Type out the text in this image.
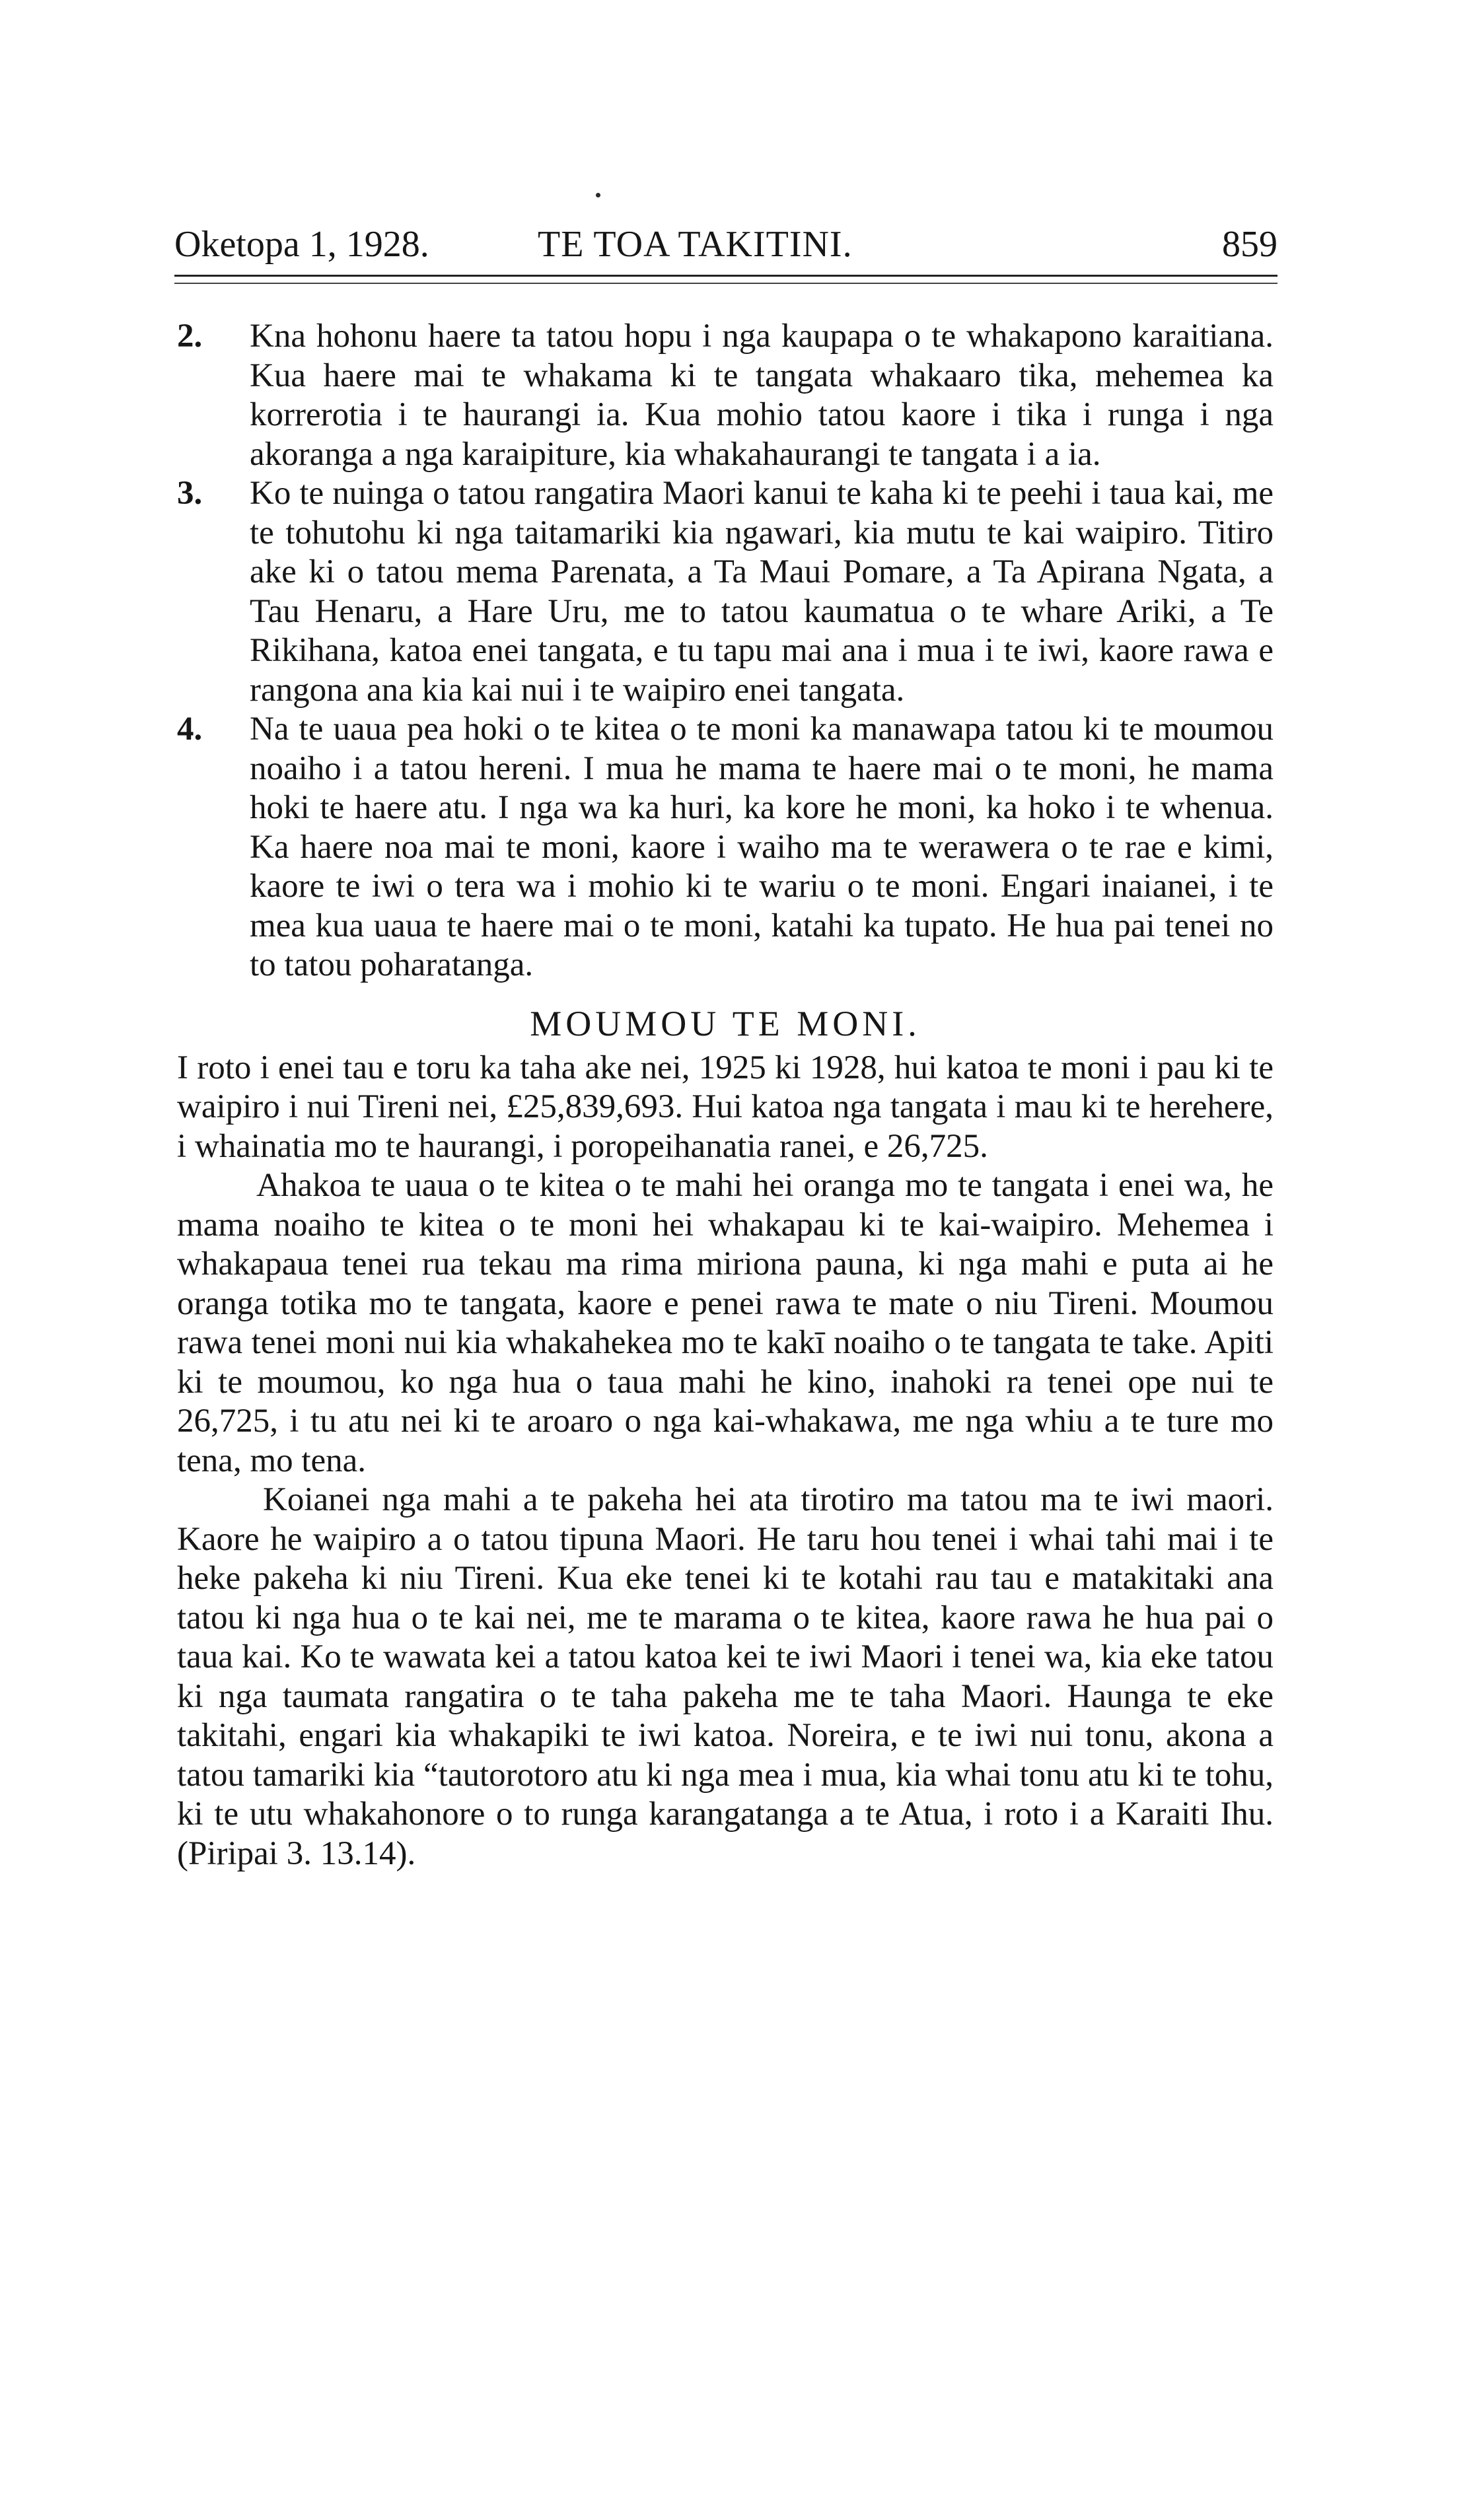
Oketopa 1, 1928.	TE TOA TAKITINI.	859
2. Kna hohonu haere ta tatou hopu i nga kaupapa o te whakapono karaitiana. Kua haere mai te whakama ki te tangata whakaaro tika, mehemea ka korrerotia i te haurangi ia. Kua mohio tatou kaore i tika i runga i nga akoranga a nga karaipiture, kia whakahaurangi te tangata i a ia.
3. Ko te nuinga o tatou rangatira Maori kanui te kaha ki te peehi i taua kai, me te tohutohu ki nga taitamariki kia ngawari, kia mutu te kai waipiro. Titiro ake ki o tatou mema Parenata, a Ta Maui Pomare, a Ta Apirana Ngata, a Tau Henaru, a Hare Uru, me to tatou kaumatua o te whare Ariki, a Te Rikihana, katoa enei tangata, e tu tapu mai ana i mua i te iwi, kaore rawa e rangona ana kia kai nui i te waipiro enei tangata.
4. Na te uaua pea hoki o te kitea o te moni ka manawapa tatou ki te moumou noaiho i a tatou hereni. I mua he mama te haere mai o te moni, he mama hoki te haere atu. I nga wa ka huri, ka kore he moni, ka hoko i te whenua. Ka haere noa mai te moni, kaore i waiho ma te werawera o te rae e kimi, kaore te iwi o tera wa i mohio ki te wariu o te moni. Engari inaianei, i te mea kua uaua te haere mai o te moni, katahi ka tupato. He hua pai tenei no to tatou poharatanga.
MOUMOU TE MONI.

I roto i enei tau e toru ka taha ake nei, 1925 ki 1928, hui katoa te moni i pau ki te waipiro i nui Tireni nei, £25,839,693. Hui katoa nga tangata i mau ki te herehere, i whainatia mo te haurangi, i poropeihanatia ranei, e 26,725.

Ahakoa te uaua o te kitea o te mahi hei oranga mo te tangata i enei wa, he mama noaiho te kitea o te moni hei whakapau ki te kai-waipiro. Mehemea i whakapaua tenei rua tekau ma rima miriona pauna, ki nga mahi e puta ai he oranga totika mo te tangata, kaore e penei rawa te mate o niu Tireni. Moumou rawa tenei moni nui kia whakahekea mo te kakī noaiho o te tangata te take. Apiti ki te moumou, ko nga hua o taua mahi he kino, inahoki ra tenei ope nui te 26,725, i tu atu nei ki te aroaro o nga kai-whakawa, me nga whiu a te ture mo tena, mo tena.

Koianei nga mahi a te pakeha hei ata tirotiro ma tatou ma te iwi maori. Kaore he waipiro a o tatou tipuna Maori. He taru hou tenei i whai tahi mai i te heke pakeha ki niu Tireni. Kua eke tenei ki te kotahi rau tau e matakitaki ana tatou ki nga hua o te kai nei, me te marama o te kitea, kaore rawa he hua pai o taua kai. Ko te wawata kei a tatou katoa kei te iwi Maori i tenei wa, kia eke tatou ki nga taumata rangatira o te taha pakeha me te taha Maori. Haunga te eke takitahi, engari kia whakapiki te iwi katoa. Noreira, e te iwi nui tonu, akona a tatou tamariki kia “tautorotoro atu ki nga mea i mua, kia whai tonu atu ki te tohu, ki te utu whakahonore o to runga karangatanga a te Atua, i roto i a Karaiti Ihu. (Piripai 3. 13.14).
